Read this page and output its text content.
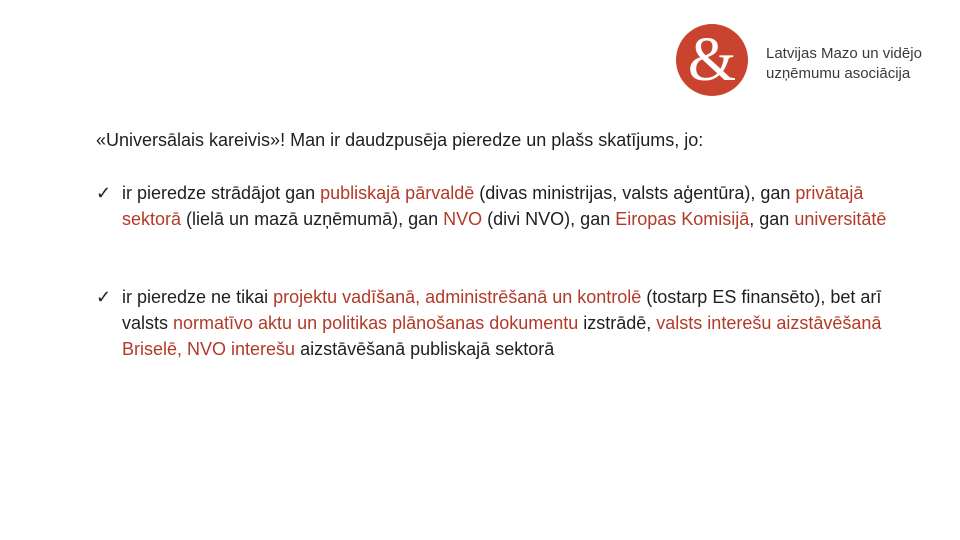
&	Latvijas Mazo un vidējo
uzņēmumu asociācija
«Universālais kareivis»! Man ir daudzpusēja pieredze un plašs skatījums, jo:
✓ ir pieredze strādājot gan publiskajā pārvaldē (divas ministrijas, valsts aģentūra), gan privātajā sektorā (lielā un mazā uzņēmumā), gan NVO (divi NVO), gan Eiropas Komisijā, gan universitātē
✓ ir pieredze ne tikai projektu vadīšanā, administrēšanā un kontrolē (tostarp ES finansēto), bet arī valsts normatīvo aktu un politikas plānošanas dokumentu izstrādē, valsts interešu aizstāvēšanā Briselē, NVO interešu aizstāvēšanā publiskajā sektorā
